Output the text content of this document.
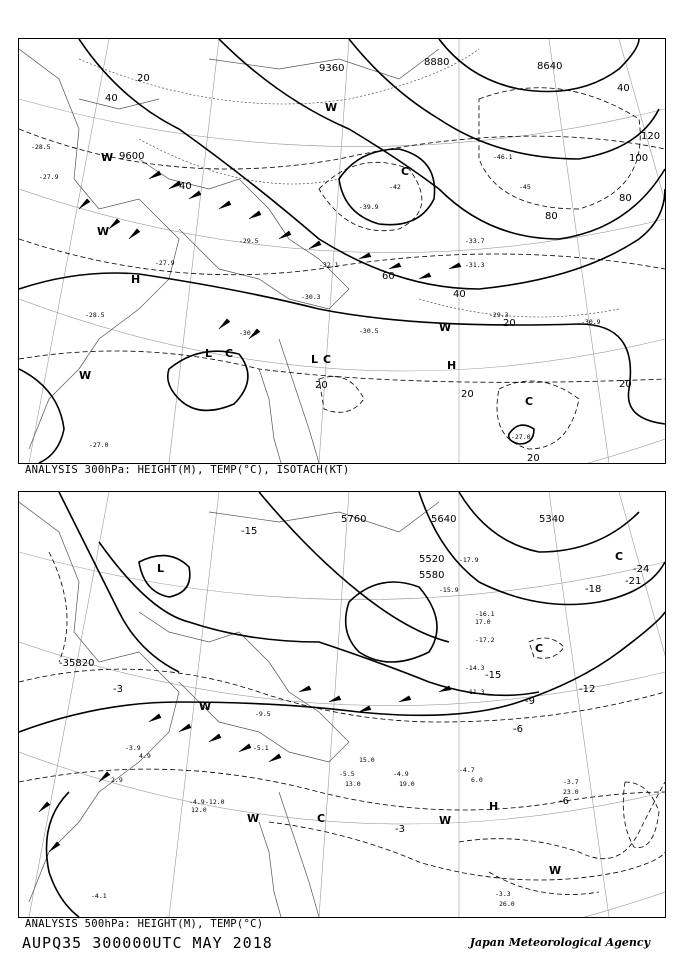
9360
9600
8880	8640
20
40
60
80
100
120
40
20
20
20
20
40
40
80
20
H
H
L	L
C	C
C
C
W
W
W
W
W
-28.5
-27.9
-30.5
-29.3
-30.9
-30.7
-27.0
-46.1
-45
-42
-39.9
-33.7
-31.3
-29.5
-32.1
-28.5
-27.9
-30.3
-27.0
ANALYSIS 300hPa: HEIGHT(M), TEMP(°C), ISOTACH(KT)
5760
5820
5640	5340
5520
5580
-15
-3
-3
-6
-12
-15
-18
-21
-24
-9
-6
-3
L
H
C
C
C
W	W
W
W
-4.7
-5.5	-4.9
-3.7
-3.3
-16.1
-17.2
-14.3
-11.3
-15.9
-17.9
-4.9
-4.1
-3.9	-5.1
-9.5
-12.0
6.0
23.0
26.0
13.0	19.0
12.0
17.0
15.0
4.9
2.9
ANALYSIS 500hPa: HEIGHT(M), TEMP(°C)
AUPQ35 300000UTC MAY 2018	Japan Meteorological Agency
